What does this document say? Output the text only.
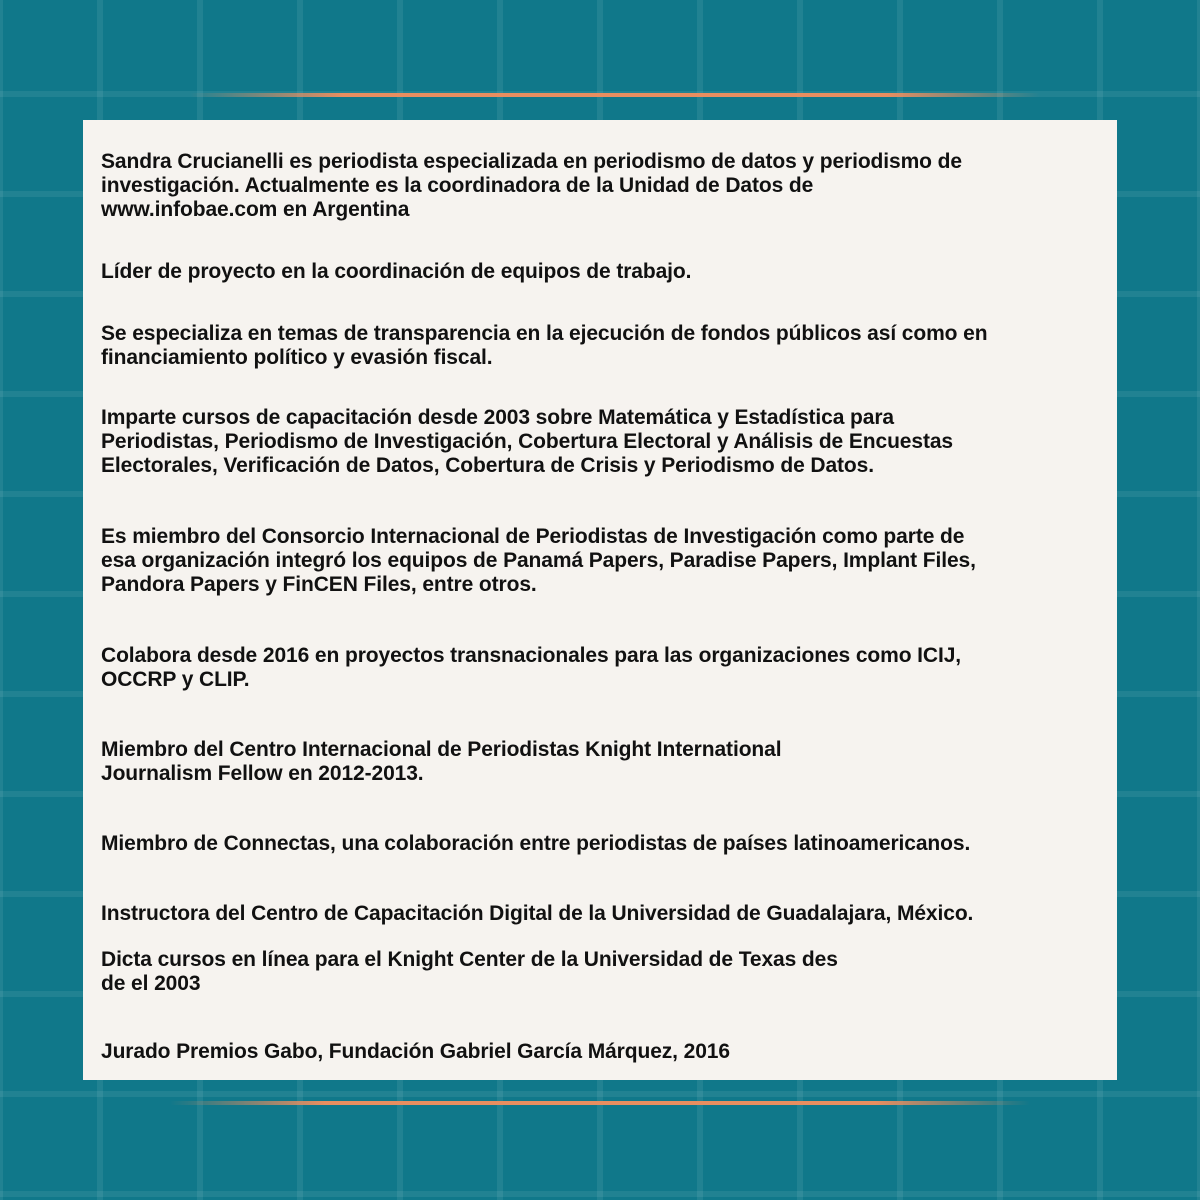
Sandra Crucianelli es periodista especializada en periodismo de datos y periodismo de
investigación. Actualmente es la coordinadora de la Unidad de Datos de
www.infobae.com en Argentina

Líder de proyecto en la coordinación de equipos de trabajo.

Se especializa en temas de transparencia en la ejecución de fondos públicos así como en
financiamiento político y evasión fiscal.

Imparte cursos de capacitación desde 2003 sobre Matemática y Estadística para
Periodistas, Periodismo de Investigación, Cobertura Electoral y Análisis de Encuestas
Electorales, Verificación de Datos, Cobertura de Crisis y Periodismo de Datos.

Es miembro del Consorcio Internacional de Periodistas de Investigación como parte de
esa organización integró los equipos de Panamá Papers, Paradise Papers, Implant Files,
Pandora Papers y FinCEN Files, entre otros.

Colabora desde 2016 en proyectos transnacionales para las organizaciones como ICIJ,
OCCRP y CLIP.

Miembro del Centro Internacional de Periodistas Knight International
Journalism Fellow en 2012-2013.

Miembro de Connectas, una colaboración entre periodistas de países latinoamericanos.

Instructora del Centro de Capacitación Digital de la Universidad de Guadalajara, México.

Dicta cursos en línea para el Knight Center de la Universidad de Texas des
de el 2003

Jurado Premios Gabo, Fundación Gabriel García Márquez, 2016
